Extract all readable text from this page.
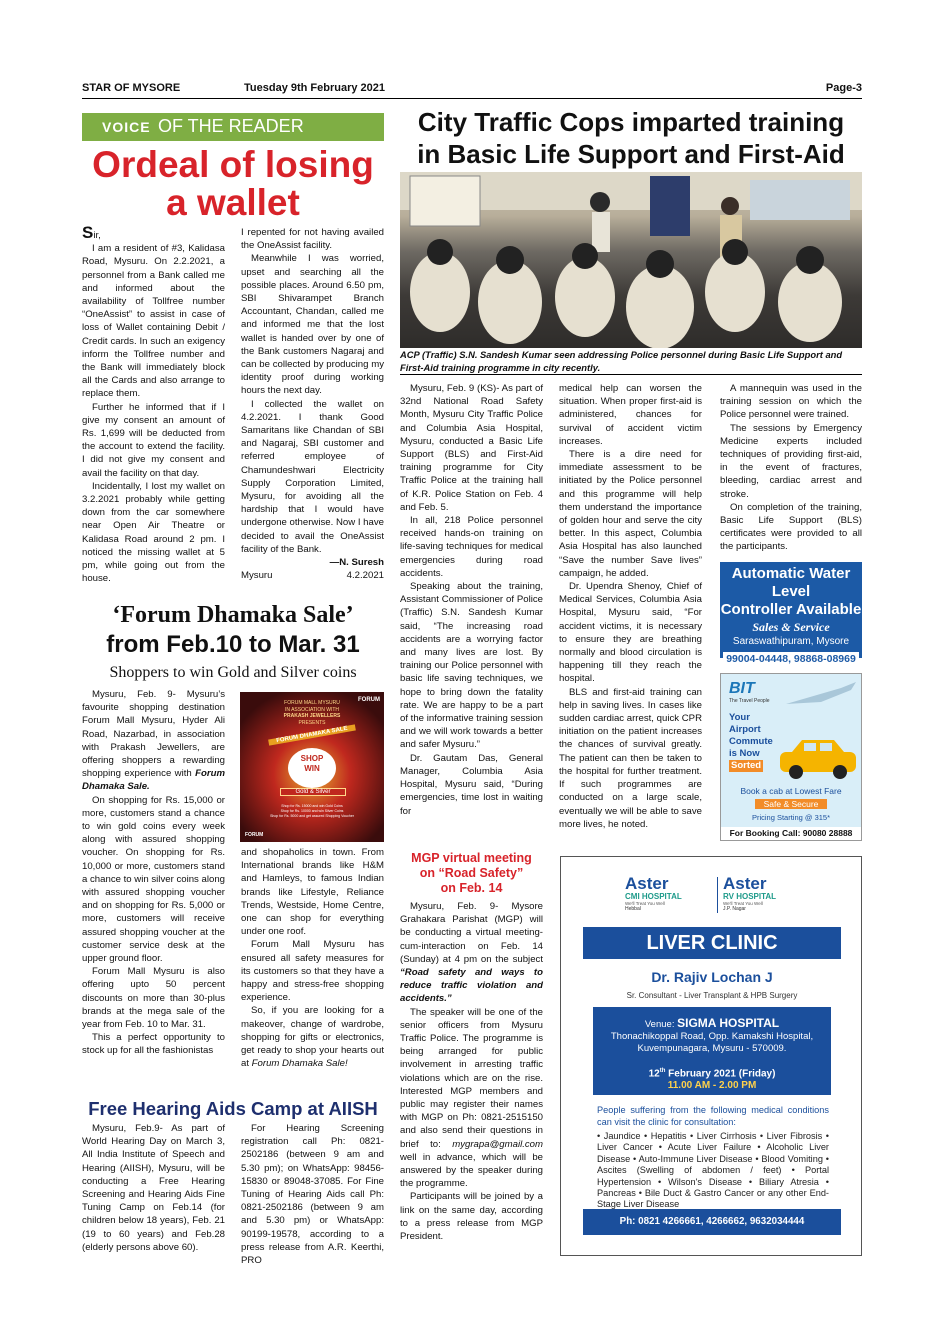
STAR OF MYSORE	Tuesday 9th February 2021	Page-3
VOICE OF THE READER
Ordeal of losing
a wallet

Sir,

I am a resident of #3, Kalidasa Road, Mysuru. On 2.2.2021, a personnel from a Bank called me and informed about the availability of Tollfree number “OneAssist” to assist in case of loss of Wallet containing Debit / Credit cards. In such an exigency inform the Tollfree number and the Bank will immediately block all the Cards and also arrange to replace them.

Further he informed that if I give my consent an amount of Rs. 1,699 will be deducted from the account to extend the facility. I did not give my consent and avail the facility on that day.

Incidentally, I lost my wallet on 3.2.2021 probably while getting down from the car somewhere near Open Air Theatre or Kalidasa Road around 2 pm. I noticed the missing wallet at 5 pm, while going out from the house.

I repented for not having availed the OneAssist facility.

Meanwhile I was worried, upset and searching all the possible places. Around 6.50 pm, SBI Shivarampet Branch Accountant, Chandan, called me and informed me that the lost wallet is handed over by one of the Bank customers Nagaraj and can be collected by producing my identity proof during working hours the next day.

I collected the wallet on 4.2.2021. I thank Good Samaritans like Chandan of SBI and Nagaraj, SBI customer and referred employee of Chamundeshwari Electricity Supply Corporation Limited, Mysuru, for avoiding all the hardship that I would have undergone otherwise. Now I have decided to avail the OneAssist facility of the Bank.

—N. Suresh

Mysuru	4.2.2021

City Traffic Cops imparted training
in Basic Life Support and First-Aid
ACP (Traffic) S.N. Sandesh Kumar seen addressing Police personnel during Basic Life Support and First-Aid training programme in city recently.

Mysuru, Feb. 9 (KS)- As part of 32nd National Road Safety Month, Mysuru City Traffic Police and Columbia Asia Hospital, Mysuru, conducted a Basic Life Support (BLS) and First-Aid training programme for City Traffic Police at the training hall of K.R. Police Station on Feb. 4 and Feb. 5.

In all, 218 Police personnel received hands-on training on life-saving techniques for medical emergencies during road accidents.

Speaking about the training, Assistant Commissioner of Police (Traffic) S.N. Sandesh Kumar said, “The increasing road accidents are a worrying factor and many lives are lost. By training our Police personnel with basic life saving techniques, we hope to bring down the fatality rate. We are happy to be a part of the informative training session and we will work towards a better and safer Mysuru.”

Dr. Gautam Das, General Manager, Columbia Asia Hospital, Mysuru said, “During emergencies, time lost in waiting for

medical help can worsen the situation. When proper first-aid is administered, chances for survival of accident victim increases.

There is a dire need for immediate assessment to be initiated by the Police personnel and this programme will help them understand the importance of golden hour and serve the city better. In this aspect, Columbia Asia Hospital has also launched “Save the number Save lives” campaign, he added.

Dr. Upendra Shenoy, Chief of Medical Services, Columbia Asia Hospital, Mysuru said, “For accident victims, it is necessary to ensure they are breathing normally and blood circulation is happening till they reach the hospital.

BLS and first-aid training can help in saving lives. In cases like sudden cardiac arrest, quick CPR initiation on the patient increases the chances of survival greatly. The patient can then be taken to the hospital for further treatment. If such programmes are conducted on a large scale, eventually we will be able to save more lives, he noted.

A mannequin was used in the training session on which the Police personnel were trained.

The sessions by Emergency Medicine experts included techniques of providing first-aid, in the event of fractures, bleeding, cardiac arrest and stroke.

On completion of the training, Basic Life Support (BLS) certificates were provided to all the participants.

Automatic Water Level
Controller Available
Sales & Service
Saraswathipuram, Mysore
99004-04448, 98868-08969
BIT
The Travel People
Your
Airport
Commute
is Now
Sorted
Book a cab at Lowest Fare
Safe & Secure
Pricing Starting @ 315*
For Booking Call: 90080 28888
‘Forum Dhamaka Sale’
from Feb.10 to Mar. 31
Shoppers to win Gold and Silver coins

Mysuru, Feb. 9- Mysuru’s favourite shopping destination Forum Mall Mysuru, Hyder Ali Road, Nazarbad, in association with Prakash Jewellers, are offering shoppers a rewarding shopping experience with Forum Dhamaka Sale.

On shopping for Rs. 15,000 or more, customers stand a chance to win gold coins every week along with assured shopping voucher. On shopping for Rs. 10,000 or more, customers stand a chance to win silver coins along with assured shopping voucher and on shopping for Rs. 5,000 or more, customers will receive assured shopping voucher at the customer service desk at the upper ground floor.

Forum Mall Mysuru is also offering upto 50 percent discounts on more than 30-plus brands at the mega sale of the year from Feb. 10 to Mar. 31.

This a perfect opportunity to stock up for all the fashionistas

FORUM
FORUM MALL MYSURU
IN ASSOCIATION WITH
PRAKASH JEWELLERS
PRESENTS
FORUM DHAMAKA SALE
SHOP
WIN
Gold & Silver
Shop for Rs. 15000 and win Gold Coins
Shop for Rs. 10000 and win Silver Coins
Shop for Rs. 5000 and get assured Shopping Voucher
FORUM

and shopaholics in town. From International brands like H&M and Hamleys, to famous Indian brands like Lifestyle, Reliance Trends, Westside, Home Centre, one can shop for everything under one roof.

Forum Mall Mysuru has ensured all safety measures for its customers so that they have a happy and stress-free shopping experience.

So, if you are looking for a makeover, change of wardrobe, shopping for gifts or electronics, get ready to shop your hearts out at Forum Dhamaka Sale!

MGP virtual meeting
on “Road Safety”
on Feb. 14

Mysuru, Feb. 9- Mysore Grahakara Parishat (MGP) will be conducting a virtual meeting-cum-interaction on Feb. 14 (Sunday) at 4 pm on the subject “Road safety and ways to reduce traffic violation and accidents.”

The speaker will be one of the senior officers from Mysuru Traffic Police. The programme is being arranged for public involvement in arresting traffic violations which are on the rise. Interested MGP members and public may register their names with MGP on Ph: 0821-2515150 and also send their questions in brief to: mygrapa@gmail.com well in advance, which will be answered by the speaker during the programme.

Participants will be joined by a link on the same day, according to a press release from MGP President.

Free Hearing Aids Camp at AIISH

Mysuru, Feb.9- As part of World Hearing Day on March 3, All India Institute of Speech and Hearing (AIISH), Mysuru, will be conducting a Free Hearing Screening and Hearing Aids Fine Tuning Camp on Feb.14 (for children below 18 years), Feb. 21 (19 to 60 years) and Feb.28 (elderly persons above 60).

For Hearing Screening registration call Ph: 0821-2502186 (between 9 am and 5.30 pm); on WhatsApp: 98456-15830 or 89048-37085. For Fine Tuning of Hearing Aids call Ph: 0821-2502186 (between 9 am and 5.30 pm) or WhatsApp: 90199-19578, according to a press release from A.R. Keerthi, PRO

Aster
CMI HOSPITAL
We'll Treat You Well
Hebbal
Aster
RV HOSPITAL
We'll Treat You Well
J.P. Nagar
LIVER CLINIC
Dr. Rajiv Lochan J
Sr. Consultant - Liver Transplant & HPB Surgery
Venue: SIGMA HOSPITAL
Thonachikoppal Road, Opp. Kamakshi Hospital,
Kuvempunagara, Mysuru - 570009.
12th February 2021 (Friday)
11.00 AM - 2.00 PM
People suffering from the following medical conditions can visit the clinic for consultation:
• Jaundice • Hepatitis • Liver Cirrhosis • Liver Fibrosis • Liver Cancer • Acute Liver Failure • Alcoholic Liver Disease • Auto-Immune Liver Disease • Blood Vomiting • Ascites (Swelling of abdomen / feet) • Portal Hypertension • Wilson's Disease • Biliary Atresia • Pancreas • Bile Duct & Gastro Cancer or any other End-Stage Liver Disease
Ph: 0821 4266661, 4266662, 9632034444
